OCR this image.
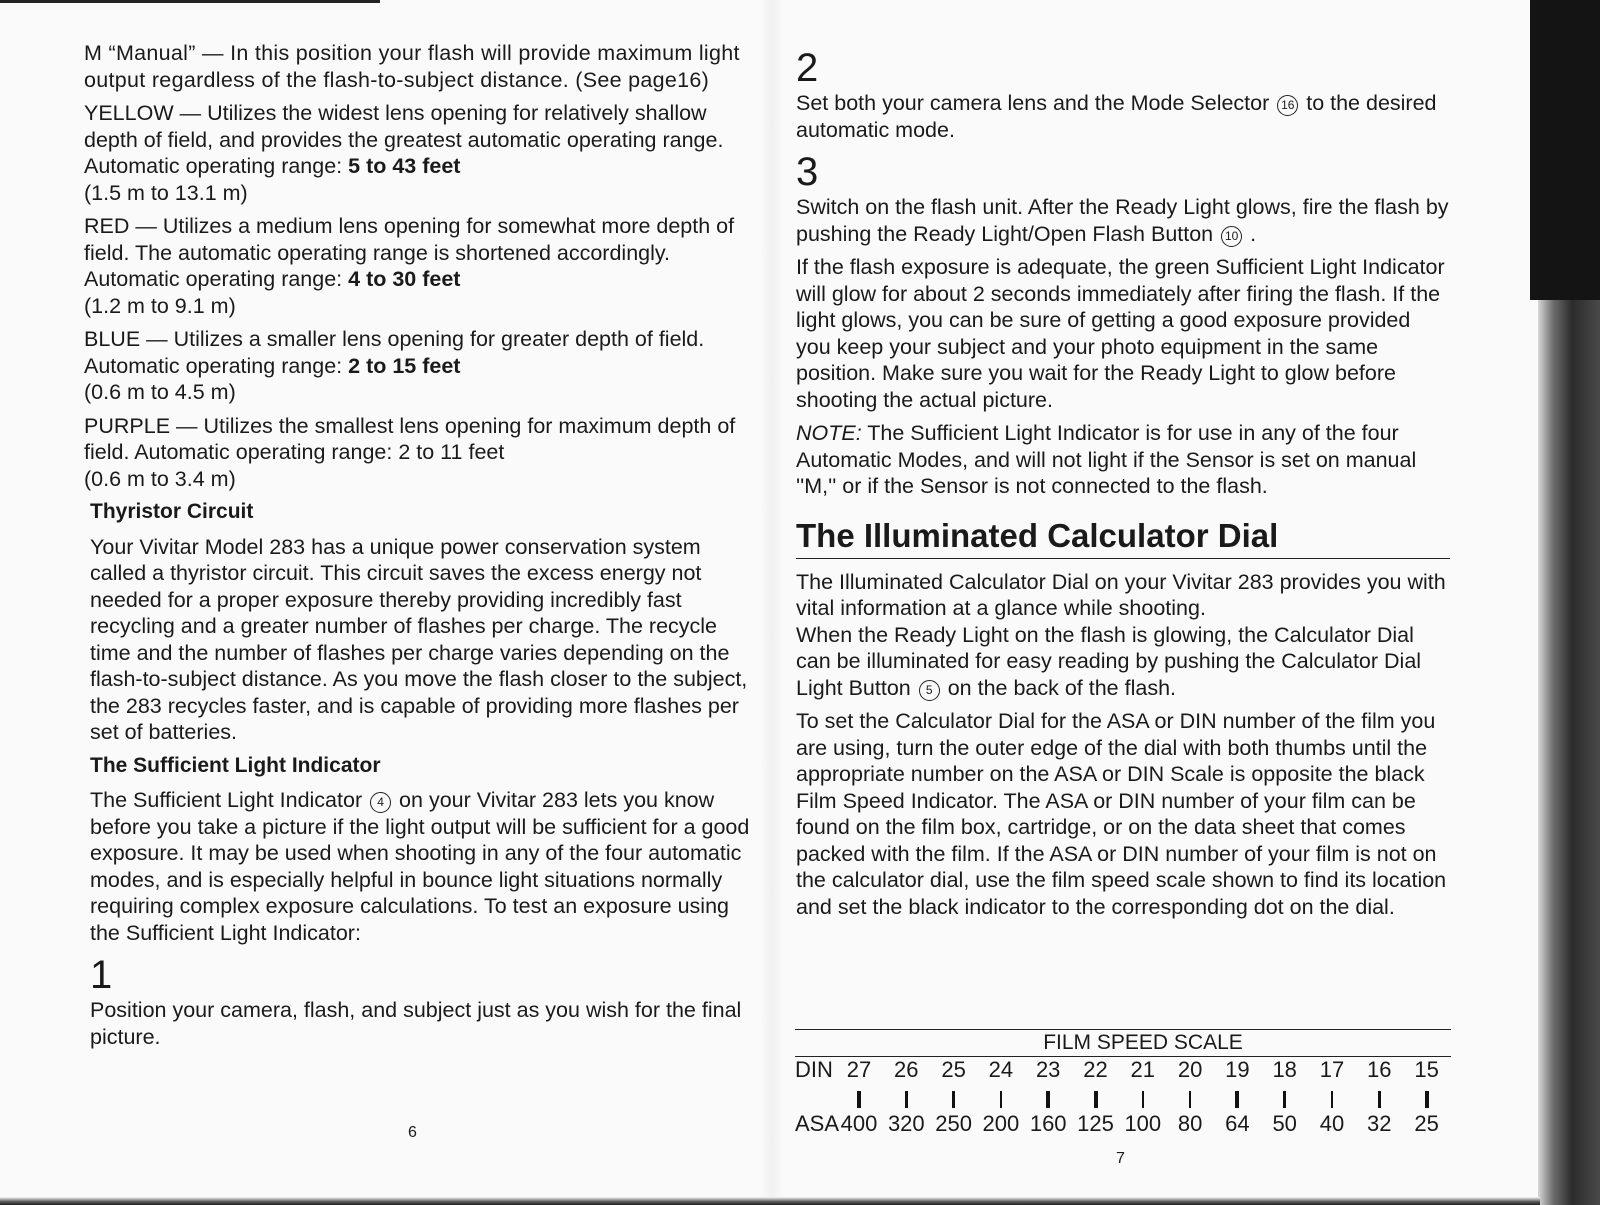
M “Manual” — In this position your flash will provide maximum light output regardless of the flash-to-subject distance. (See page16)

YELLOW — Utilizes the widest lens opening for relatively shallow depth of field, and provides the greatest automatic operating range. Automatic operating range: 5 to 43 feet
(1.5 m to 13.1 m)

RED — Utilizes a medium lens opening for somewhat more depth of field. The automatic operating range is shortened accordingly. Automatic operating range: 4 to 30 feet
(1.2 m to 9.1 m)

BLUE — Utilizes a smaller lens opening for greater depth of field. Automatic operating range: 2 to 15 feet
(0.6 m to 4.5 m)

PURPLE — Utilizes the smallest lens opening for maximum depth of field. Automatic operating range: 2 to 11 feet
(0.6 m to 3.4 m)

Thyristor Circuit

Your Vivitar Model 283 has a unique power conservation system called a thyristor circuit. This circuit saves the excess energy not needed for a proper exposure thereby providing incredibly fast recycling and a greater number of flashes per charge. The recycle time and the number of flashes per charge varies depending on the flash-to-subject distance. As you move the flash closer to the subject, the 283 recycles faster, and is capable of providing more flashes per set of batteries.

The Sufficient Light Indicator

The Sufficient Light Indicator 4 on your Vivitar 283 lets you know before you take a picture if the light output will be sufficient for a good exposure. It may be used when shooting in any of the four automatic modes, and is especially helpful in bounce light situations normally requiring complex exposure calculations. To test an exposure using the Sufficient Light Indicator:

1

Position your camera, flash, and subject just as you wish for the final picture.

6
2

Set both your camera lens and the Mode Selector 16 to the desired automatic mode.

3

Switch on the flash unit. After the Ready Light glows, fire the flash by pushing the Ready Light/Open Flash Button 10 .

If the flash exposure is adequate, the green Sufficient Light Indicator will glow for about 2 seconds immediately after firing the flash. If the light glows, you can be sure of getting a good exposure provided you keep your subject and your photo equipment in the same position. Make sure you wait for the Ready Light to glow before shooting the actual picture.

NOTE: The Sufficient Light Indicator is for use in any of the four Automatic Modes, and will not light if the Sensor is set on manual ''M,'' or if the Sensor is not connected to the flash.

The Illuminated Calculator Dial

The Illuminated Calculator Dial on your Vivitar 283 provides you with vital information at a glance while shooting.

When the Ready Light on the flash is glowing, the Calculator Dial can be illuminated for easy reading by pushing the Calculator Dial Light Button 5 on the back of the flash.

To set the Calculator Dial for the ASA or DIN number of the film you are using, turn the outer edge of the dial with both thumbs until the appropriate number on the ASA or DIN Scale is opposite the black Film Speed Indicator. The ASA or DIN number of your film can be found on the film box, cartridge, or on the data sheet that comes packed with the film. If the ASA or DIN number of your film is not on the calculator dial, use the film speed scale shown to find its location and set the black indicator to the corresponding dot on the dial.

FILM SPEED SCALE
DIN 27	26	25	24	23	22	21	20	19	18	17	16	15
ASA 400 320 250 200 160 125 100 80	64	50	40	32	25
7
